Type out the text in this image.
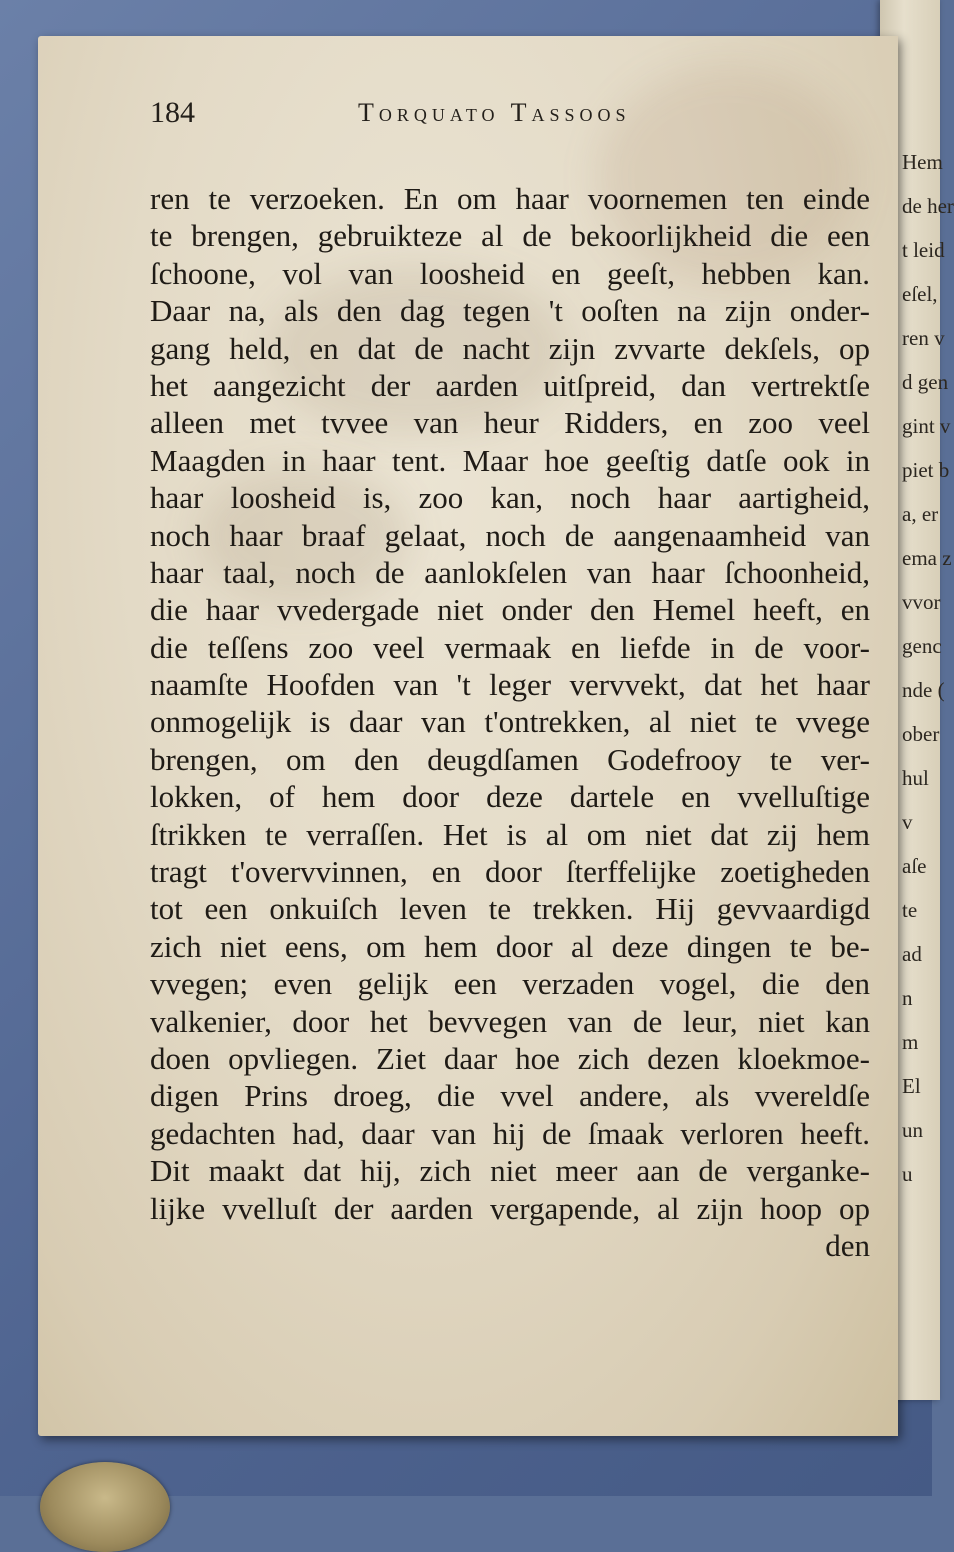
Hem
de her
t leid
eſel,
ren v
d gen
gint v
piet b
a, er
ema z
vvor
genc
nde (
ober
hul
v
aſe
te
ad
n
m
El
un
u
184	Torquato Tassoos
ren te verzoeken. En om haar voornemen ten einde
te brengen, gebruikteze al de bekoorlijkheid die een
ſchoone, vol van loosheid en geeſt, hebben kan.
Daar na, als den dag tegen 't ooſten na zijn onder-
gang held, en dat de nacht zijn zvvarte dekſels, op
het aangezicht der aarden uitſpreid, dan vertrektſe
alleen met tvvee van heur Ridders, en zoo veel
Maagden in haar tent. Maar hoe geeſtig datſe ook in
haar loosheid is, zoo kan, noch haar aartigheid,
noch haar braaf gelaat, noch de aangenaamheid van
haar taal, noch de aanlokſelen van haar ſchoonheid,
die haar vvedergade niet onder den Hemel heeft, en
die teſſens zoo veel vermaak en liefde in de voor-
naamſte Hoofden van 't leger vervvekt, dat het haar
onmogelijk is daar van t'ontrekken, al niet te vvege
brengen, om den deugdſamen Godefrooy te ver-
lokken, of hem door deze dartele en vvelluſtige
ſtrikken te verraſſen. Het is al om niet dat zij hem
tragt t'overvvinnen, en door ſterffelijke zoetigheden
tot een onkuiſch leven te trekken. Hij gevvaardigd
zich niet eens, om hem door al deze dingen te be-
vvegen; even gelijk een verzaden vogel, die den
valkenier, door het bevvegen van de leur, niet kan
doen opvliegen. Ziet daar hoe zich dezen kloekmoe-
digen Prins droeg, die vvel andere, als vvereldſe
gedachten had, daar van hij de ſmaak verloren heeft.
Dit maakt dat hij, zich niet meer aan de verganke-
lijke vvelluſt der aarden vergapende, al zijn hoop op
den
